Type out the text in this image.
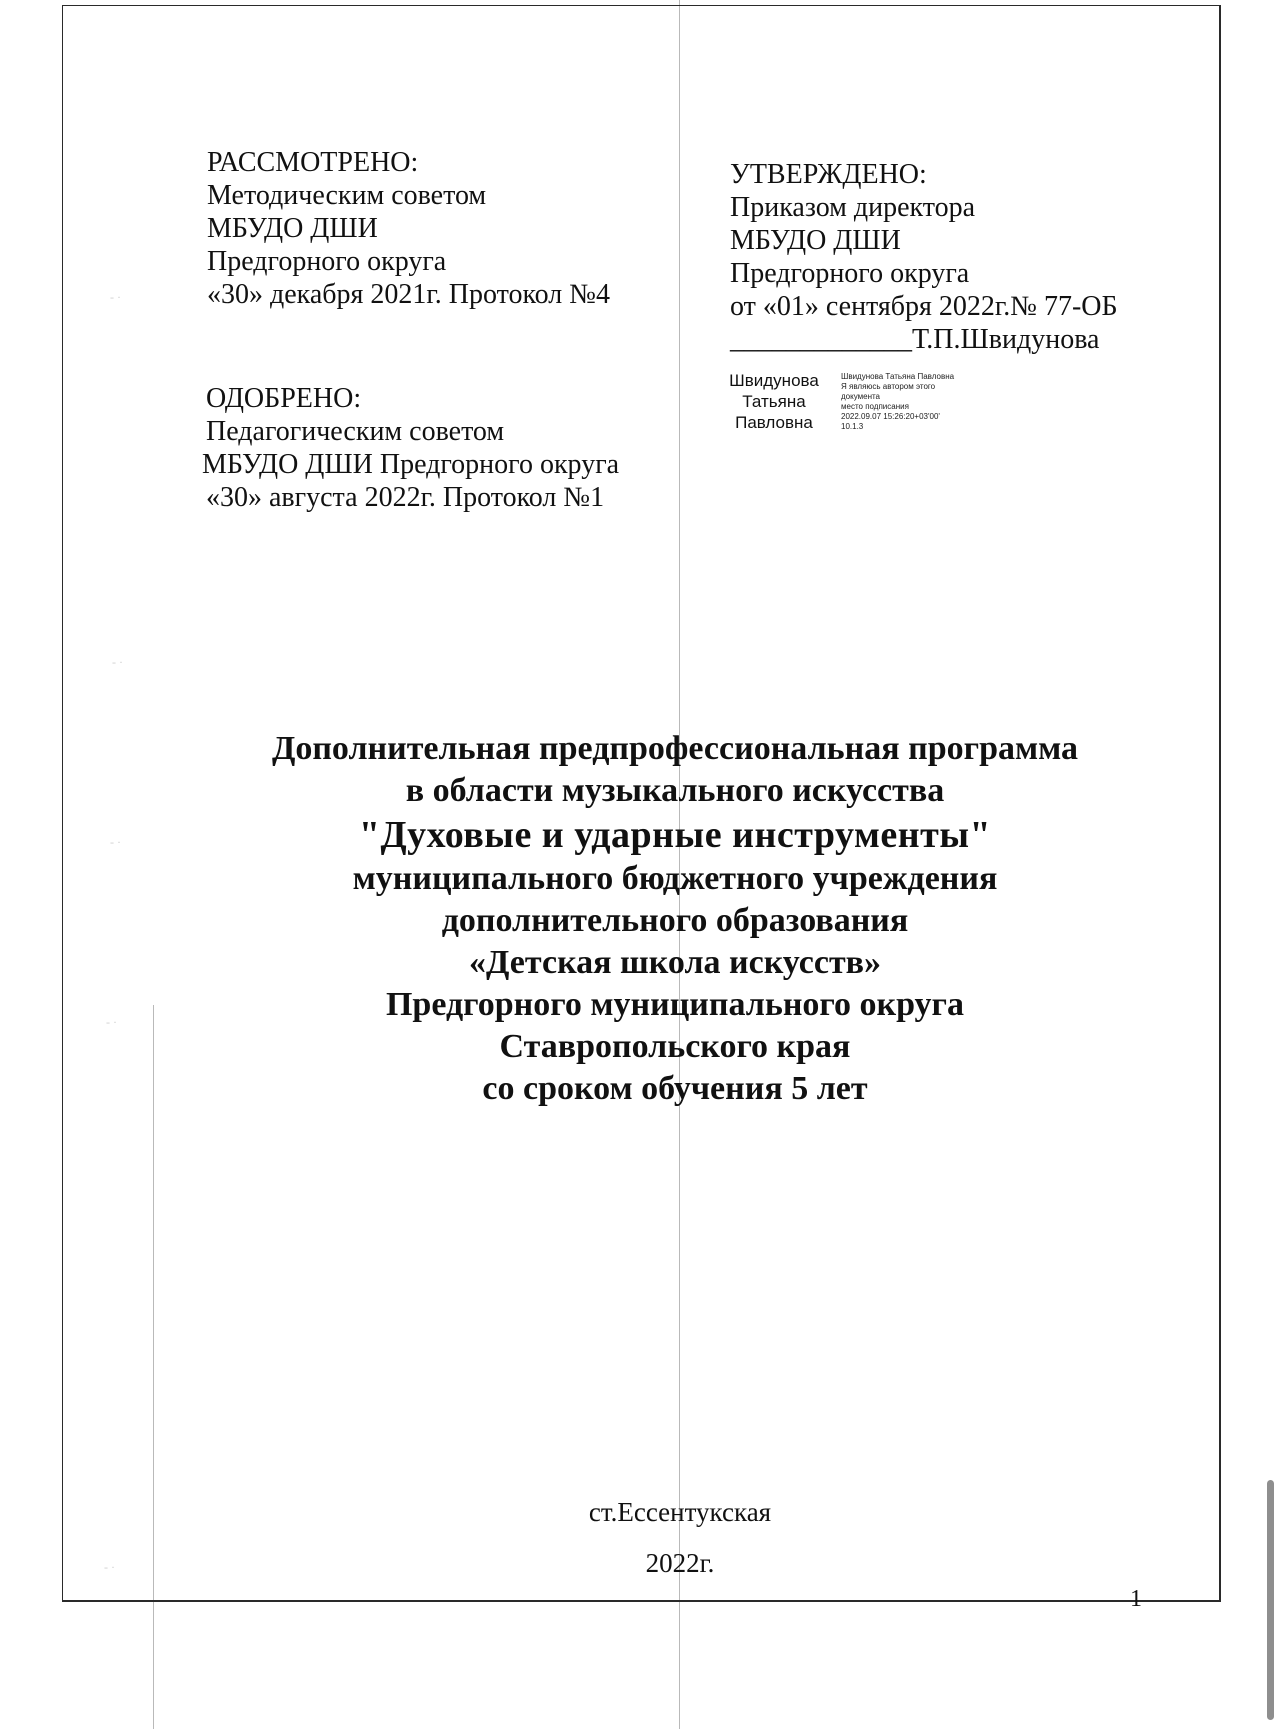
- ·
- ·
- ·
- ·
- ·
РАССМОТРЕНО:
Методическим советом
МБУДО ДШИ
Предгорного округа
«30» декабря 2021г. Протокол №4
УТВЕРЖДЕНО:
Приказом директора
МБУДО ДШИ
Предгорного округа
от «01» сентября 2022г.№ 77-ОБ
_____________Т.П.Швидунова
Швидунова
Татьяна
Павловна
Швидунова Татьяна Павловна
Я являюсь автором этого
документа
место подписания
2022.09.07 15:26:20+03'00'
10.1.3
ОДОБРЕНО:
Педагогическим советом
МБУДО ДШИ Предгорного округа
«30» августа 2022г. Протокол №1
Дополнительная предпрофессиональная программа
в области музыкального искусства
"Духовые и ударные инструменты"
муниципального бюджетного учреждения
дополнительного образования
«Детская школа искусств»
Предгорного муниципального округа
Ставропольского края
со сроком обучения 5 лет
ст.Ессентукская
2022г.
1
